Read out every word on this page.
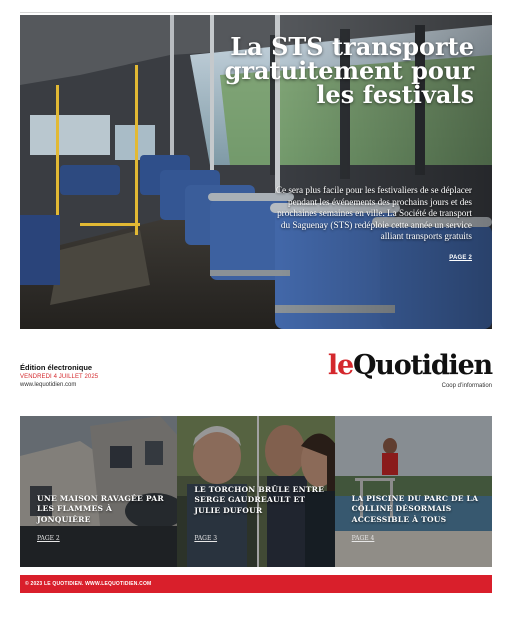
La STS transporte gratuitement pour les festivals
Ce sera plus facile pour les festivaliers de se déplacer pendant les événements des prochains jours et des prochaines semaines en ville. La Société de transport du Saguenay (STS) redéploie cette année un service alliant transports gratuits
PAGE 2
Édition électronique
VENDREDI 4 JUILLET 2025
www.lequotidien.com
leQuotidien
Coop d’information
UNE MAISON RAVAGÉE PAR LES FLAMMES À JONQUIÈRE
PAGE 2
LE TORCHON BRÛLE ENTRE SERGE GAUDREAULT ET JULIE DUFOUR
PAGE 3
LA PISCINE DU PARC DE LA COLLINE DÉSORMAIS ACCESSIBLE À TOUS
PAGE 4
© 2023 LE QUOTIDIEN. WWW.LEQUOTIDIEN.COM
